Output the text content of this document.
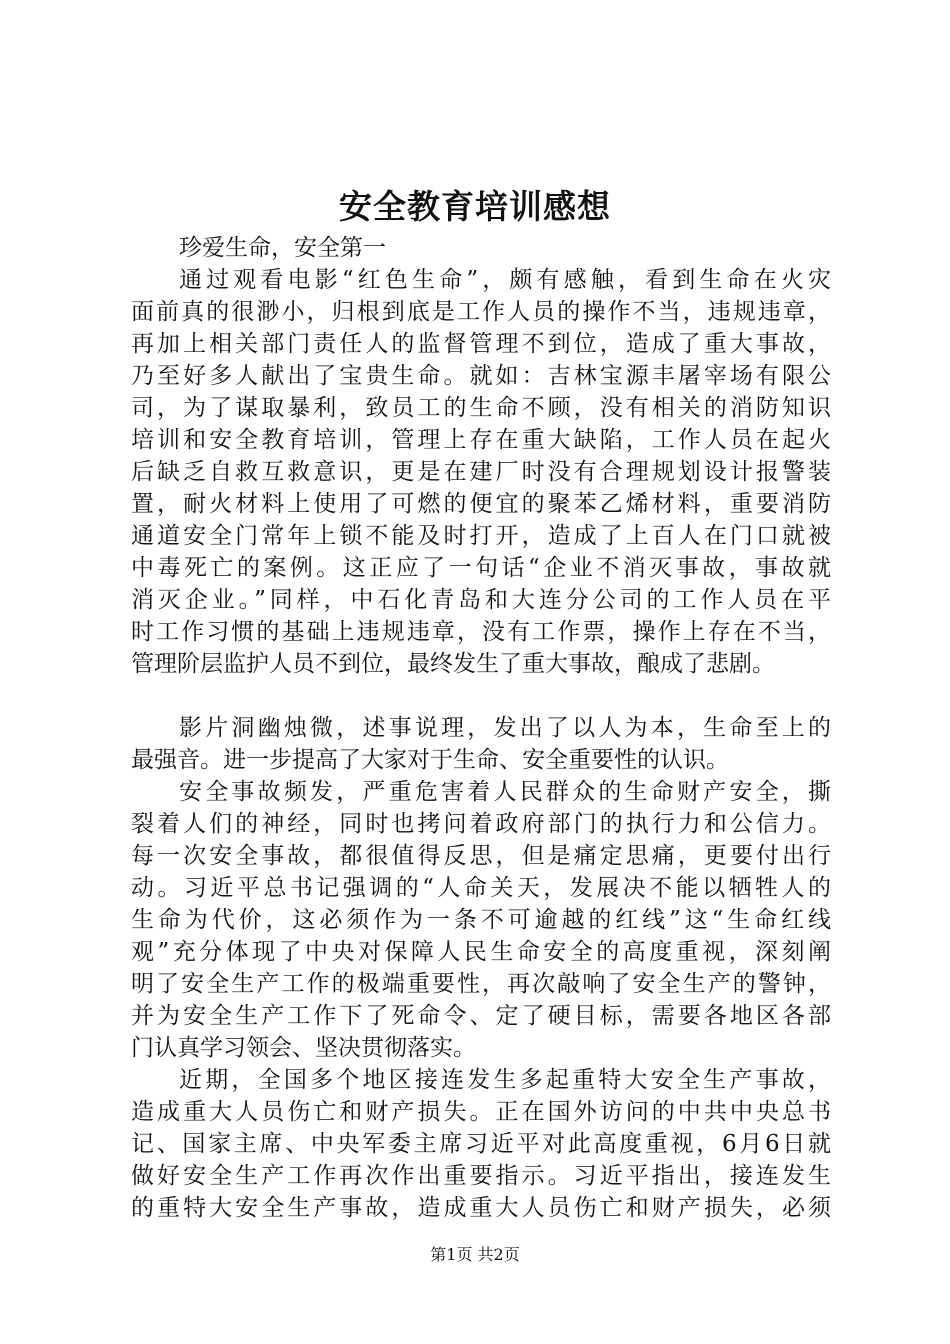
安全教育培训感想
珍爱生命，安全第一
通过观看电影“红色生命”，颇有感触，看到生命在火灾
面前真的很渺小，归根到底是工作人员的操作不当，违规违章，
再加上相关部门责任人的监督管理不到位，造成了重大事故，
乃至好多人献出了宝贵生命。就如：吉林宝源丰屠宰场有限公
司，为了谋取暴利，致员工的生命不顾，没有相关的消防知识
培训和安全教育培训，管理上存在重大缺陷，工作人员在起火
后缺乏自救互救意识，更是在建厂时没有合理规划设计报警装
置，耐火材料上使用了可燃的便宜的聚苯乙烯材料，重要消防
通道安全门常年上锁不能及时打开，造成了上百人在门口就被
中毒死亡的案例。这正应了一句话“企业不消灭事故，事故就
消灭企业。”同样，中石化青岛和大连分公司的工作人员在平
时工作习惯的基础上违规违章，没有工作票，操作上存在不当，
管理阶层监护人员不到位，最终发生了重大事故，酿成了悲剧。
影片洞幽烛微，述事说理，发出了以人为本，生命至上的
最强音。进一步提高了大家对于生命、安全重要性的认识。
安全事故频发，严重危害着人民群众的生命财产安全，撕
裂着人们的神经，同时也拷问着政府部门的执行力和公信力。
每一次安全事故，都很值得反思，但是痛定思痛，更要付出行
动。习近平总书记强调的“人命关天，发展决不能以牺牲人的
生命为代价，这必须作为一条不可逾越的红线”这“生命红线
观”充分体现了中央对保障人民生命安全的高度重视，深刻阐
明了安全生产工作的极端重要性，再次敲响了安全生产的警钟，
并为安全生产工作下了死命令、定了硬目标，需要各地区各部
门认真学习领会、坚决贯彻落实。
近期，全国多个地区接连发生多起重特大安全生产事故，
造成重大人员伤亡和财产损失。正在国外访问的中共中央总书
记、国家主席、中央军委主席习近平对此高度重视，6月6日就
做好安全生产工作再次作出重要指示。习近平指出，接连发生
的重特大安全生产事故，造成重大人员伤亡和财产损失，必须
第1页 共2页
